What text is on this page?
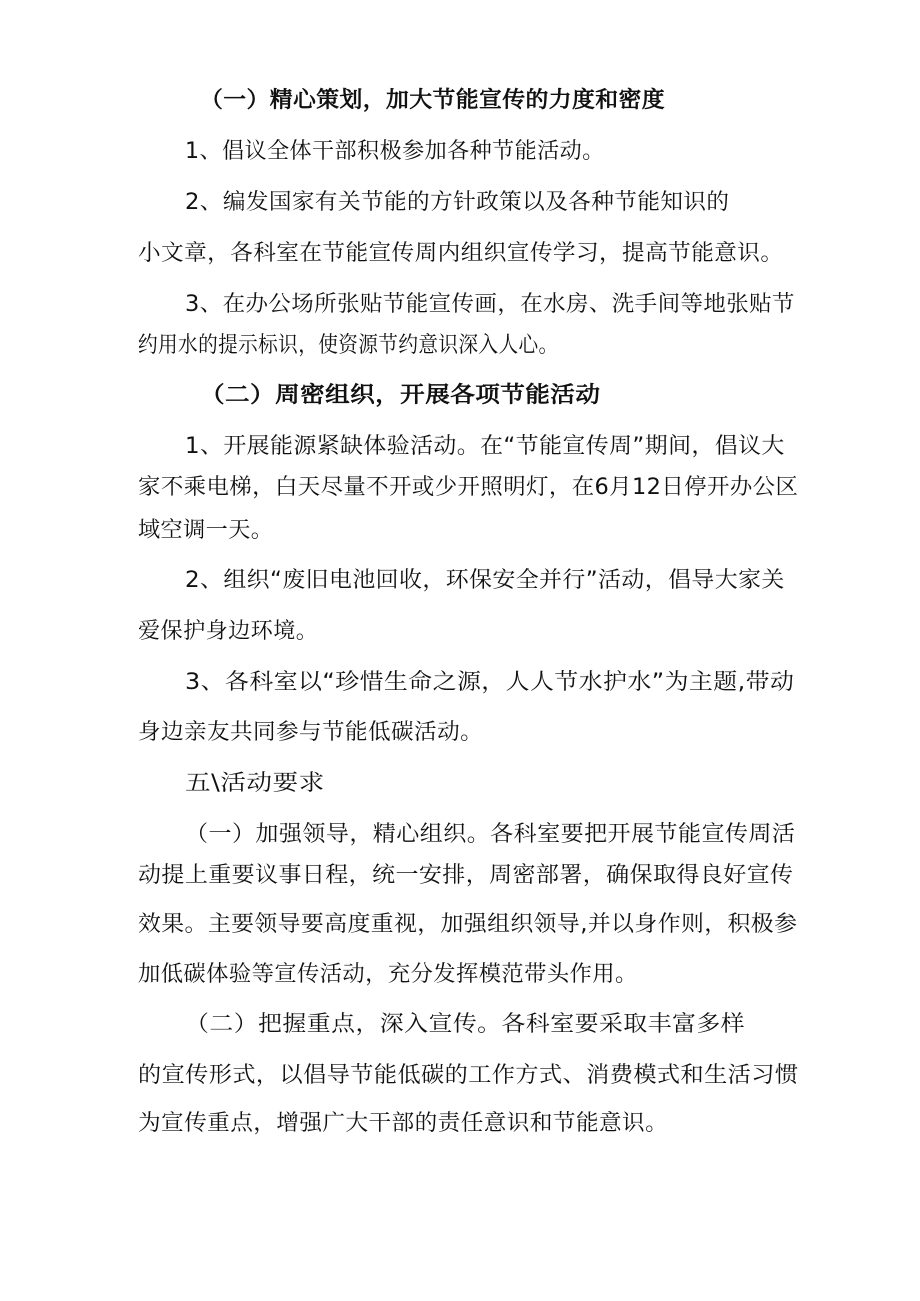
（一）精心策划，加大节能宣传的力度和密度
1、倡议全体干部积极参加各种节能活动。
2、编发国家有关节能的方针政策以及各种节能知识的
小文章，各科室在节能宣传周内组织宣传学习，提高节能意识。
3、在办公场所张贴节能宣传画，在水房、洗手间等地张贴节
约用水的提示标识，使资源节约意识深入人心。
（二）周密组织，开展各项节能活动
1、开展能源紧缺体验活动。在“节能宣传周”期间，倡议大
家不乘电梯，白天尽量不开或少开照明灯，在6月12日停开办公区
域空调一天。
2、组织“废旧电池回收，环保安全并行”活动，倡导大家关
爱保护身边环境。
3、各科室以“珍惜生命之源，人人节水护水”为主题,带动
身边亲友共同参与节能低碳活动。
五\活动要求
（一）加强领导，精心组织。各科室要把开展节能宣传周活
动提上重要议事日程，统一安排，周密部署，确保取得良好宣传
效果。主要领导要高度重视，加强组织领导,并以身作则，积极参
加低碳体验等宣传活动，充分发挥模范带头作用。
（二）把握重点，深入宣传。各科室要采取丰富多样
的宣传形式，以倡导节能低碳的工作方式、消费模式和生活习惯
为宣传重点，增强广大干部的责任意识和节能意识。
